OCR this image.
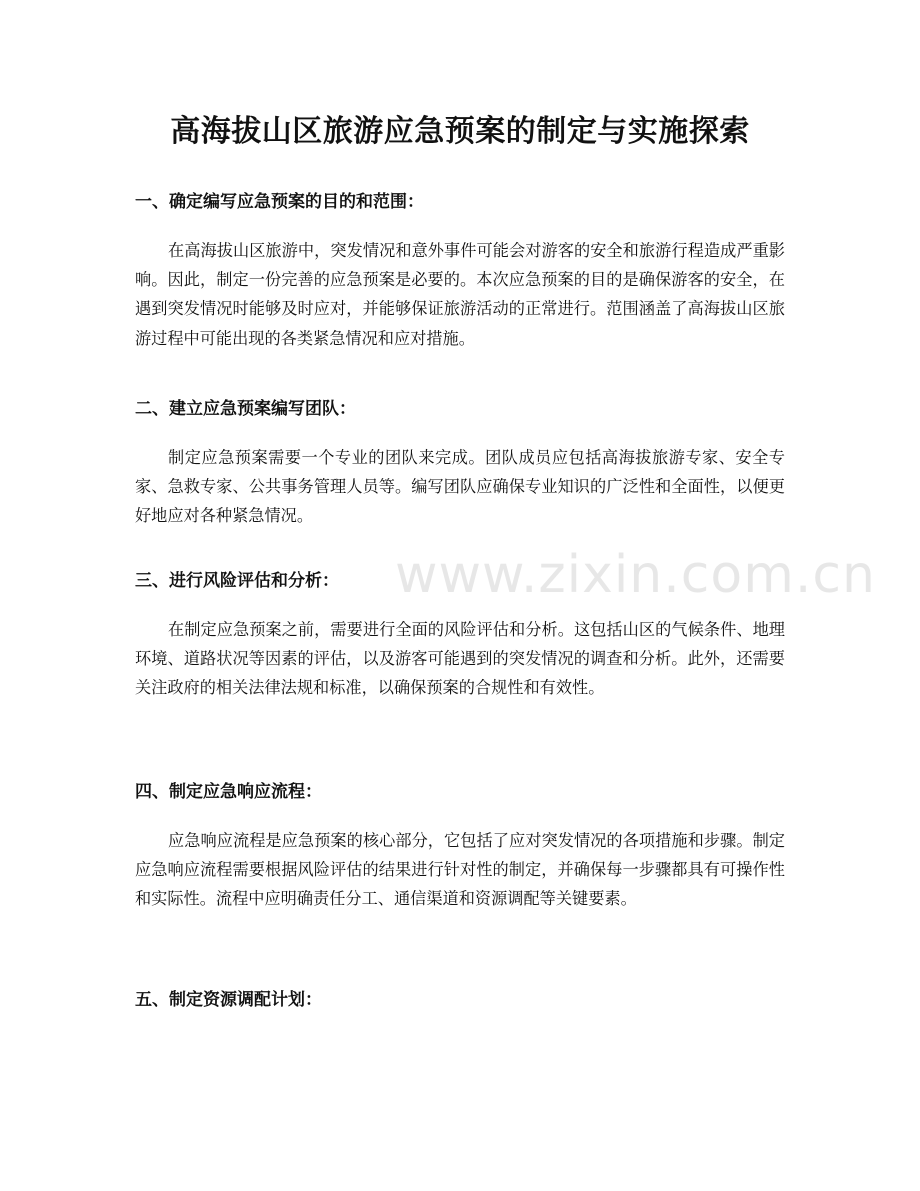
高海拔山区旅游应急预案的制定与实施探索
一、确定编写应急预案的目的和范围：

在高海拔山区旅游中，突发情况和意外事件可能会对游客的安全和旅游行程造成严重影响。因此，制定一份完善的应急预案是必要的。本次应急预案的目的是确保游客的安全，在遇到突发情况时能够及时应对，并能够保证旅游活动的正常进行。范围涵盖了高海拔山区旅游过程中可能出现的各类紧急情况和应对措施。

二、建立应急预案编写团队：

制定应急预案需要一个专业的团队来完成。团队成员应包括高海拔旅游专家、安全专家、急救专家、公共事务管理人员等。编写团队应确保专业知识的广泛性和全面性，以便更好地应对各种紧急情况。

三、进行风险评估和分析：

在制定应急预案之前，需要进行全面的风险评估和分析。这包括山区的气候条件、地理环境、道路状况等因素的评估，以及游客可能遇到的突发情况的调查和分析。此外，还需要关注政府的相关法律法规和标准，以确保预案的合规性和有效性。

四、制定应急响应流程：

应急响应流程是应急预案的核心部分，它包括了应对突发情况的各项措施和步骤。制定应急响应流程需要根据风险评估的结果进行针对性的制定，并确保每一步骤都具有可操作性和实际性。流程中应明确责任分工、通信渠道和资源调配等关键要素。

五、制定资源调配计划：
www.zixin.com.cn
